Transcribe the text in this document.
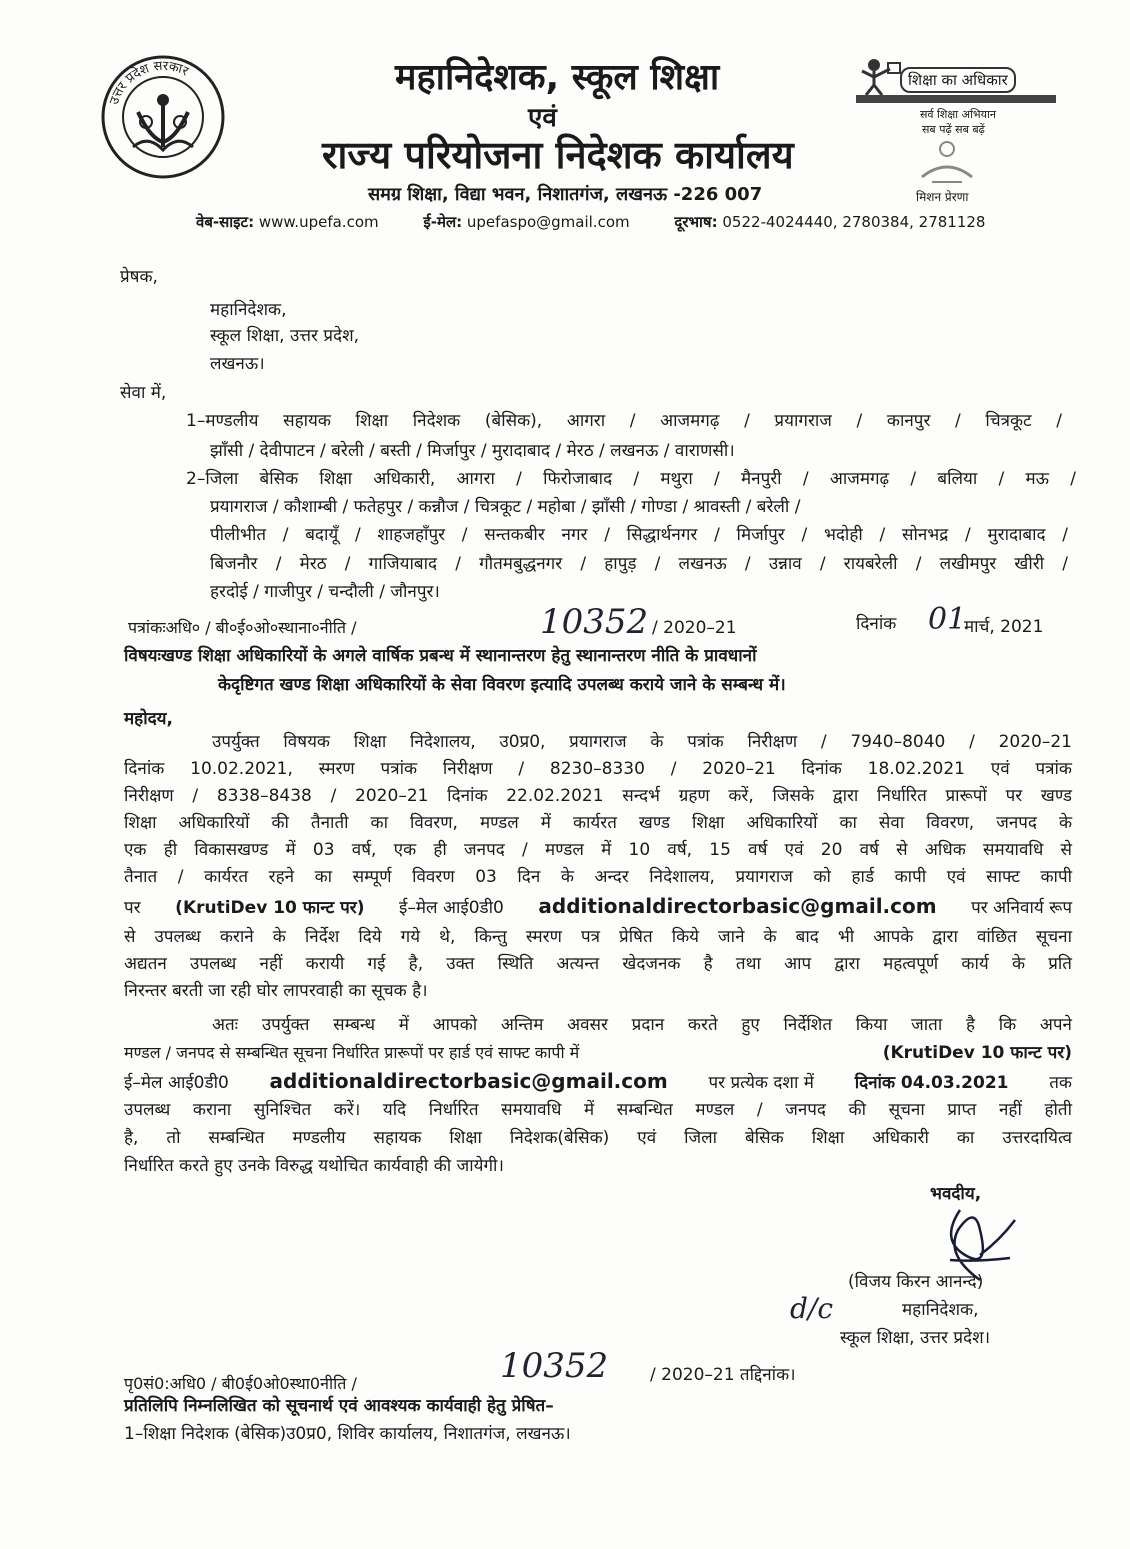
उत्तर प्रदेश सरकार	महानिदेशक, स्कूल शिक्षा
एवं
राज्य परियोजना निदेशक कार्यालय
समग्र शिक्षा, विद्या भवन, निशातगंज, लखनऊ -226 007
शिक्षा का अधिकार
सर्व शिक्षा अभियान
सब पढ़ें सब बढ़ें
मिशन प्रेरणा
वेब-साइट: www.upefa.com	ई-मेल: upefaspo@gmail.com	दूरभाष: 0522-4024440, 2780384, 2781128
प्रेषक,
महानिदेशक,
स्कूल शिक्षा, उत्तर प्रदेश,
लखनऊ।
सेवा में,
1–मण्डलीय सहायक शिक्षा निदेशक (बेसिक), आगरा / आजमगढ़ / प्रयागराज / कानपुर / चित्रकूट /
झाँसी / देवीपाटन / बरेली / बस्ती / मिर्जापुर / मुरादाबाद / मेरठ / लखनऊ / वाराणसी।
2–जिला बेसिक शिक्षा अधिकारी, आगरा / फिरोजाबाद / मथुरा / मैनपुरी / आजमगढ़ / बलिया / मऊ /
प्रयागराज / कौशाम्बी / फतेहपुर / कन्नौज / चित्रकूट / महोबा / झाँसी / गोण्डा / श्रावस्ती / बरेली /
पीलीभीत / बदायूँ / शाहजहाँपुर / सन्तकबीर नगर / सिद्धार्थनगर / मिर्जापुर / भदोही / सोनभद्र / मुरादाबाद /
बिजनौर / मेरठ / गाजियाबाद / गौतमबुद्धनगर / हापुड़ / लखनऊ / उन्नाव / रायबरेली / लखीमपुर खीरी /
हरदोई / गाजीपुर / चन्दौली / जौनपुर।
पत्रांकःअधि० / बी०ई०ओ०स्थाना०नीति /	10352 / 2020–21	दिनांक 01
मार्च, 2021
विषयःखण्ड शिक्षा अधिकारियों के अगले वार्षिक प्रबन्ध में स्थानान्तरण हेतु स्थानान्तरण नीति के प्रावधानों
केदृष्टिगत खण्ड शिक्षा अधिकारियों के सेवा विवरण इत्यादि उपलब्ध कराये जाने के सम्बन्ध में।
महोदय,
उपर्युक्त विषयक शिक्षा निदेशालय, उ0प्र0, प्रयागराज के पत्रांक निरीक्षण / 7940–8040 / 2020–21
दिनांक 10.02.2021, स्मरण पत्रांक निरीक्षण / 8230–8330 / 2020–21 दिनांक 18.02.2021 एवं पत्रांक
निरीक्षण / 8338–8438 / 2020–21 दिनांक 22.02.2021 सन्दर्भ ग्रहण करें, जिसके द्वारा निर्धारित प्रारूपों पर खण्ड
शिक्षा अधिकारियों की तैनाती का विवरण, मण्डल में कार्यरत खण्ड शिक्षा अधिकारियों का सेवा विवरण, जनपद के
एक ही विकासखण्ड में 03 वर्ष, एक ही जनपद / मण्डल में 10 वर्ष, 15 वर्ष एवं 20 वर्ष से अधिक समयावधि से
तैनात / कार्यरत रहने का सम्पूर्ण विवरण 03 दिन के अन्दर निदेशालय, प्रयागराज को हार्ड कापी एवं साफ्ट कापी
पर (KrutiDev 10 फान्ट पर) ई–मेल आई0डी0 additionaldirectorbasic@gmail.com पर अनिवार्य रूप
से उपलब्ध कराने के निर्देश दिये गये थे, किन्तु स्मरण पत्र प्रेषित किये जाने के बाद भी आपके द्वारा वांछित सूचना
अद्यतन उपलब्ध नहीं करायी गई है, उक्त स्थिति अत्यन्त खेदजनक है तथा आप द्वारा महत्वपूर्ण कार्य के प्रति
निरन्तर बरती जा रही घोर लापरवाही का सूचक है।
अतः उपर्युक्त सम्बन्ध में आपको अन्तिम अवसर प्रदान करते हुए निर्देशित किया जाता है कि अपने
मण्डल / जनपद से सम्बन्धित सूचना निर्धारित प्रारूपों पर हार्ड एवं साफ्ट कापी में	(KrutiDev 10 फान्ट पर)
ई–मेल आई0डी0 additionaldirectorbasic@gmail.com पर प्रत्येक दशा में दिनांक 04.03.2021 तक
उपलब्ध कराना सुनिश्चित करें। यदि निर्धारित समयावधि में सम्बन्धित मण्डल / जनपद की सूचना प्राप्त नहीं होती
है, तो सम्बन्धित मण्डलीय सहायक शिक्षा निदेशक(बेसिक) एवं जिला बेसिक शिक्षा अधिकारी का उत्तरदायित्व
निर्धारित करते हुए उनके विरुद्ध यथोचित कार्यवाही की जायेगी।
भवदीय,
(विजय किरन आनन्द)
महानिदेशक,
d/c
स्कूल शिक्षा, उत्तर प्रदेश।
पृ0सं0:अधि0 / बी0ई0ओ0स्था0नीति /	10352 / 2020–21 तद्दिनांक।
प्रतिलिपि निम्नलिखित को सूचनार्थ एवं आवश्यक कार्यवाही हेतु प्रेषित–
1–शिक्षा निदेशक (बेसिक)उ0प्र0, शिविर कार्यालय, निशातगंज, लखनऊ।
